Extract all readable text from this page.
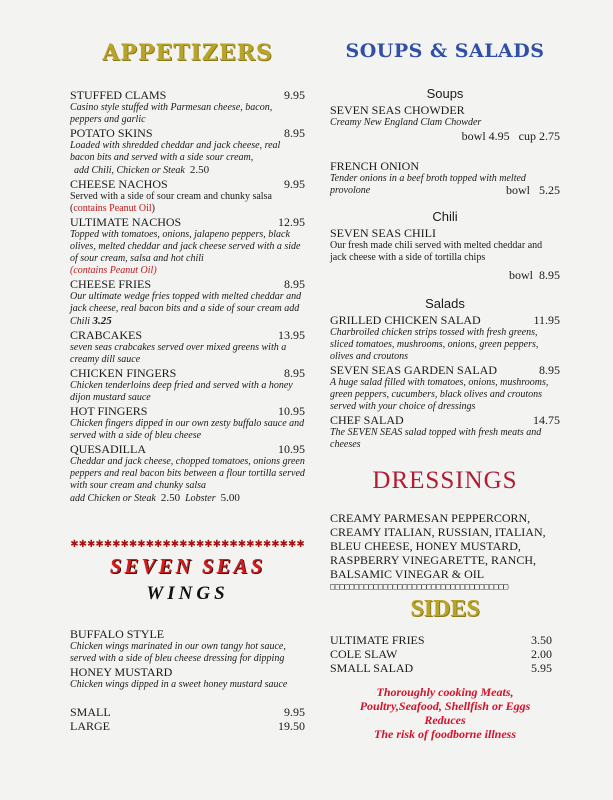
APPETIZERS
STUFFED CLAMS	9.95
Casino style stuffed with Parmesan cheese, bacon, peppers and garlic
POTATO SKINS	8.95
Loaded with shredded cheddar and jack cheese, real bacon bits and served with a side sour cream,
add Chili, Chicken or Steak 2.50
CHEESE NACHOS	9.95
Served with a side of sour cream and chunky salsa
(contains Peanut Oil)
ULTIMATE NACHOS	12.95
Topped with tomatoes, onions, jalapeno peppers, black olives, melted cheddar and jack cheese served with a side of sour cream, salsa and hot chili
(contains Peanut Oil)
CHEESE FRIES	8.95
Our ultimate wedge fries topped with melted cheddar and jack cheese, real bacon bits and a side of sour cream add Chili 3.25
CRABCAKES	13.95
seven seas crabcakes served over mixed greens with a creamy dill sauce
CHICKEN FINGERS	8.95
Chicken tenderloins deep fried and served with a honey dijon mustard sauce
HOT FINGERS	10.95
Chicken fingers dipped in our own zesty buffalo sauce and served with a side of bleu cheese
QUESADILLA	10.95
Cheddar and jack cheese, chopped tomatoes, onions green peppers and real bacon bits between a flour tortilla served with sour cream and chunky salsa
add Chicken or Steak 2.50 Lobster 5.00
✱✱✱✱✱✱✱✱✱✱✱✱✱✱✱✱✱✱✱✱✱✱✱✱✱✱✱✱
SEVEN SEAS
WINGS
BUFFALO STYLE
Chicken wings marinated in our own tangy hot sauce, served with a side of bleu cheese dressing for dipping
HONEY MUSTARD
Chicken wings dipped in a sweet honey mustard sauce
SMALL	9.95
LARGE	19.50
SOUPS & SALADS
Soups
SEVEN SEAS CHOWDER
Creamy New England Clam Chowder
bowl 4.95   cup 2.75
FRENCH ONION
Tender onions in a beef broth topped with melted provolone	bowl   5.25
Chili
SEVEN SEAS CHILI
Our fresh made chili served with melted cheddar and jack cheese with a side of tortilla chips
bowl  8.95
Salads
GRILLED CHICKEN SALAD	11.95
Charbroiled chicken strips tossed with fresh greens, sliced tomatoes, mushrooms, onions, green peppers, olives and croutons
SEVEN SEAS GARDEN SALAD	8.95
A huge salad filled with tomatoes, onions, mushrooms, green peppers, cucumbers, black olives and croutons served with your choice of dressings
CHEF SALAD	14.75
The SEVEN SEAS salad topped with fresh meats and cheeses
DRESSINGS
CREAMY PARMESAN PEPPERCORN,
CREAMY ITALIAN, RUSSIAN, ITALIAN,
BLEU CHEESE, HONEY MUSTARD,
RASPBERRY VINEGARETTE, RANCH,
BALSAMIC VINEGAR & OIL
□□□□□□□□□□□□□□□□□□□□□□□□□□□□□□□□□□□□□
SIDES
ULTIMATE FRIES	3.50
COLE SLAW	2.00
SMALL SALAD	5.95
Thoroughly cooking Meats,
Poultry,Seafood, Shellfish or Eggs
Reduces
The risk of foodborne illness
